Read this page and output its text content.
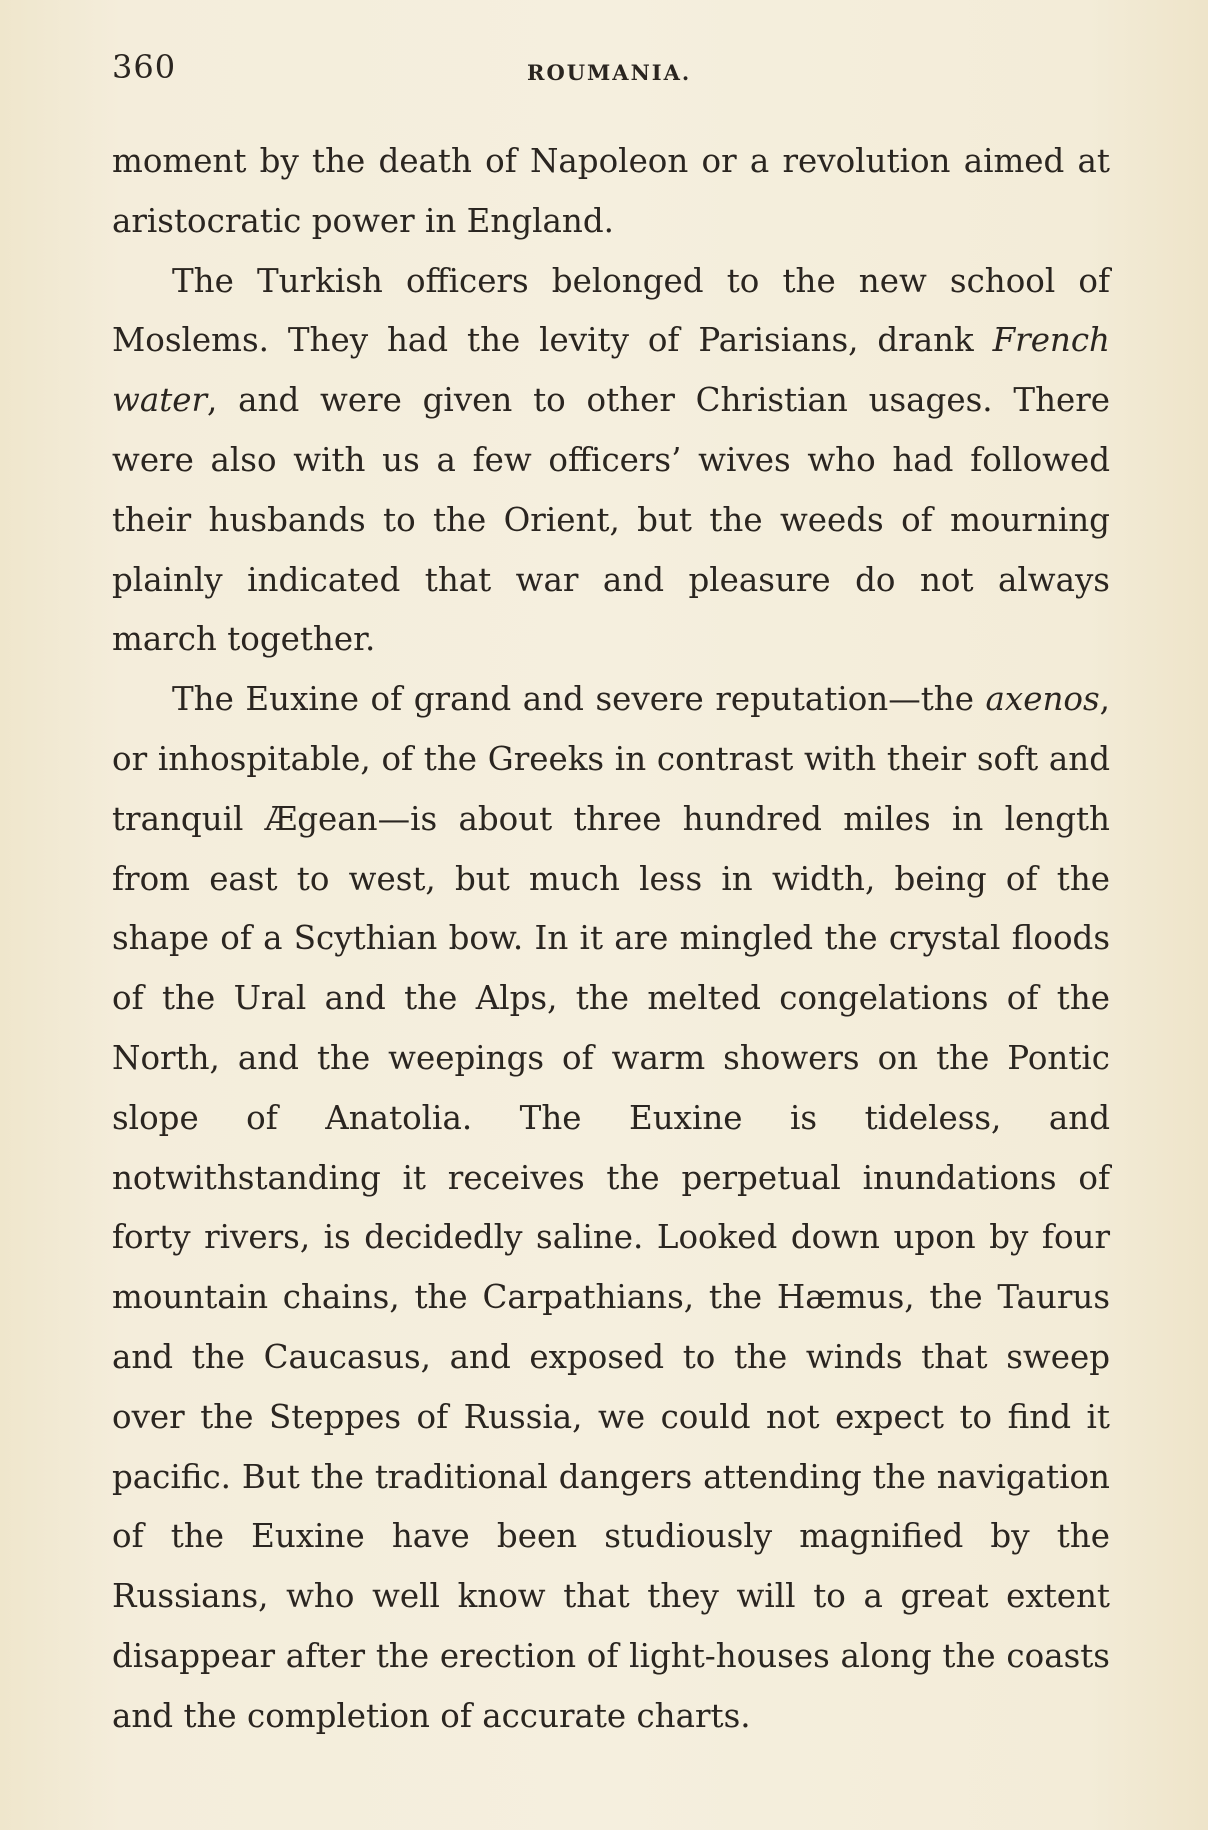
360	ROUMANIA.

moment by the death of Napoleon or a revolution aimed at aristocratic power in England.

The Turkish officers belonged to the new school of Moslems. They had the levity of Parisians, drank French water, and were given to other Christian usages. There were also with us a few officers’ wives who had followed their husbands to the Orient, but the weeds of mourning plainly indicated that war and pleasure do not always march together.

The Euxine of grand and severe reputation—the axenos, or inhospitable, of the Greeks in contrast with their soft and tranquil Ægean—is about three hundred miles in length from east to west, but much less in width, being of the shape of a Scythian bow. In it are mingled the crystal floods of the Ural and the Alps, the melted congelations of the North, and the weepings of warm showers on the Pontic slope of Anatolia. The Euxine is tideless, and notwithstanding it receives the perpetual inundations of forty rivers, is decidedly saline. Looked down upon by four mountain chains, the Carpathians, the Hæmus, the Taurus and the Caucasus, and exposed to the winds that sweep over the Steppes of Russia, we could not expect to find it pacific. But the traditional dangers attending the navigation of the Euxine have been studiously magnified by the Russians, who well know that they will to a great extent disappear after the erection of light-houses along the coasts and the completion of accurate charts.
